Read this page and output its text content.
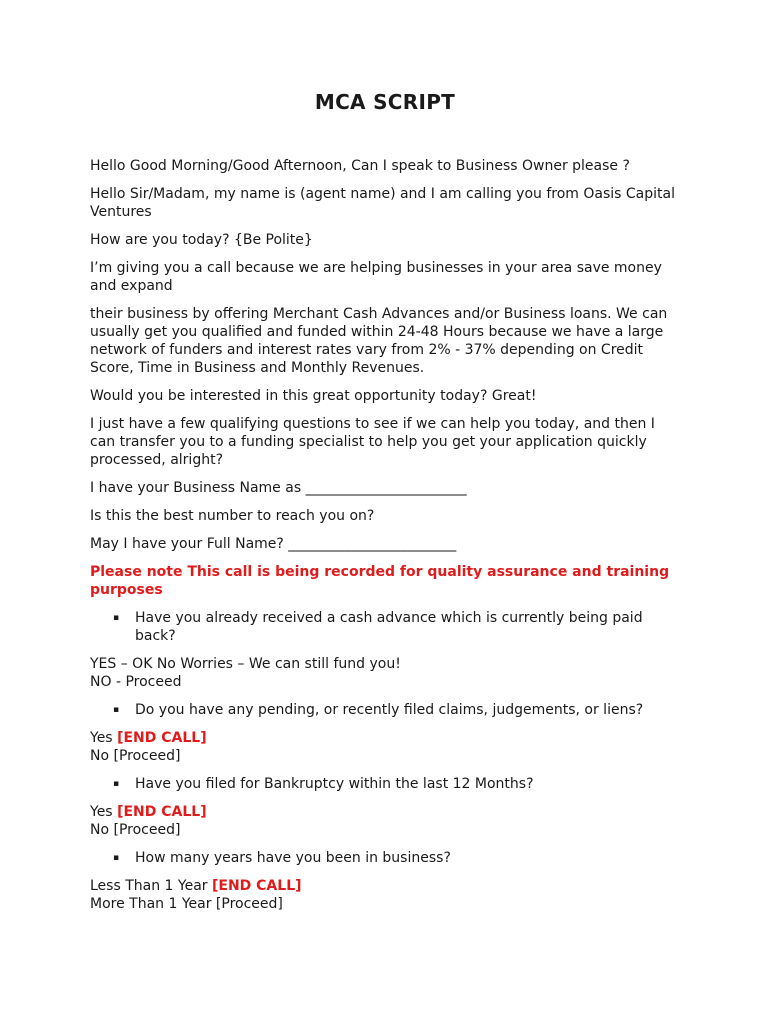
MCA SCRIPT

Hello Good Morning/Good Afternoon, Can I speak to Business Owner please ?

Hello Sir/Madam, my name is (agent name) and I am calling you from Oasis Capital Ventures

How are you today? {Be Polite}

I’m giving you a call because we are helping businesses in your area save money and expand

their business by offering Merchant Cash Advances and/or Business loans. We can usually get you qualified and funded within 24-48 Hours because we have a large network of funders and interest rates vary from 2% - 37% depending on Credit Score, Time in Business and Monthly Revenues.

Would you be interested in this great opportunity today? Great!

I just have a few qualifying questions to see if we can help you today, and then I can transfer you to a funding specialist to help you get your application quickly processed, alright?

I have your Business Name as _______________________

Is this the best number to reach you on?

May I have your Full Name? ________________________

Please note This call is being recorded for quality assurance and training purposes

▪	Have you already received a cash advance which is currently being paid back?
YES – OK No Worries – We can still fund you!
NO - Proceed
▪	Do you have any pending, or recently filed claims, judgements, or liens?
Yes [END CALL]
No [Proceed]
▪	Have you filed for Bankruptcy within the last 12 Months?
Yes [END CALL]
No [Proceed]
▪	How many years have you been in business?
Less Than 1 Year [END CALL]
More Than 1 Year [Proceed]
